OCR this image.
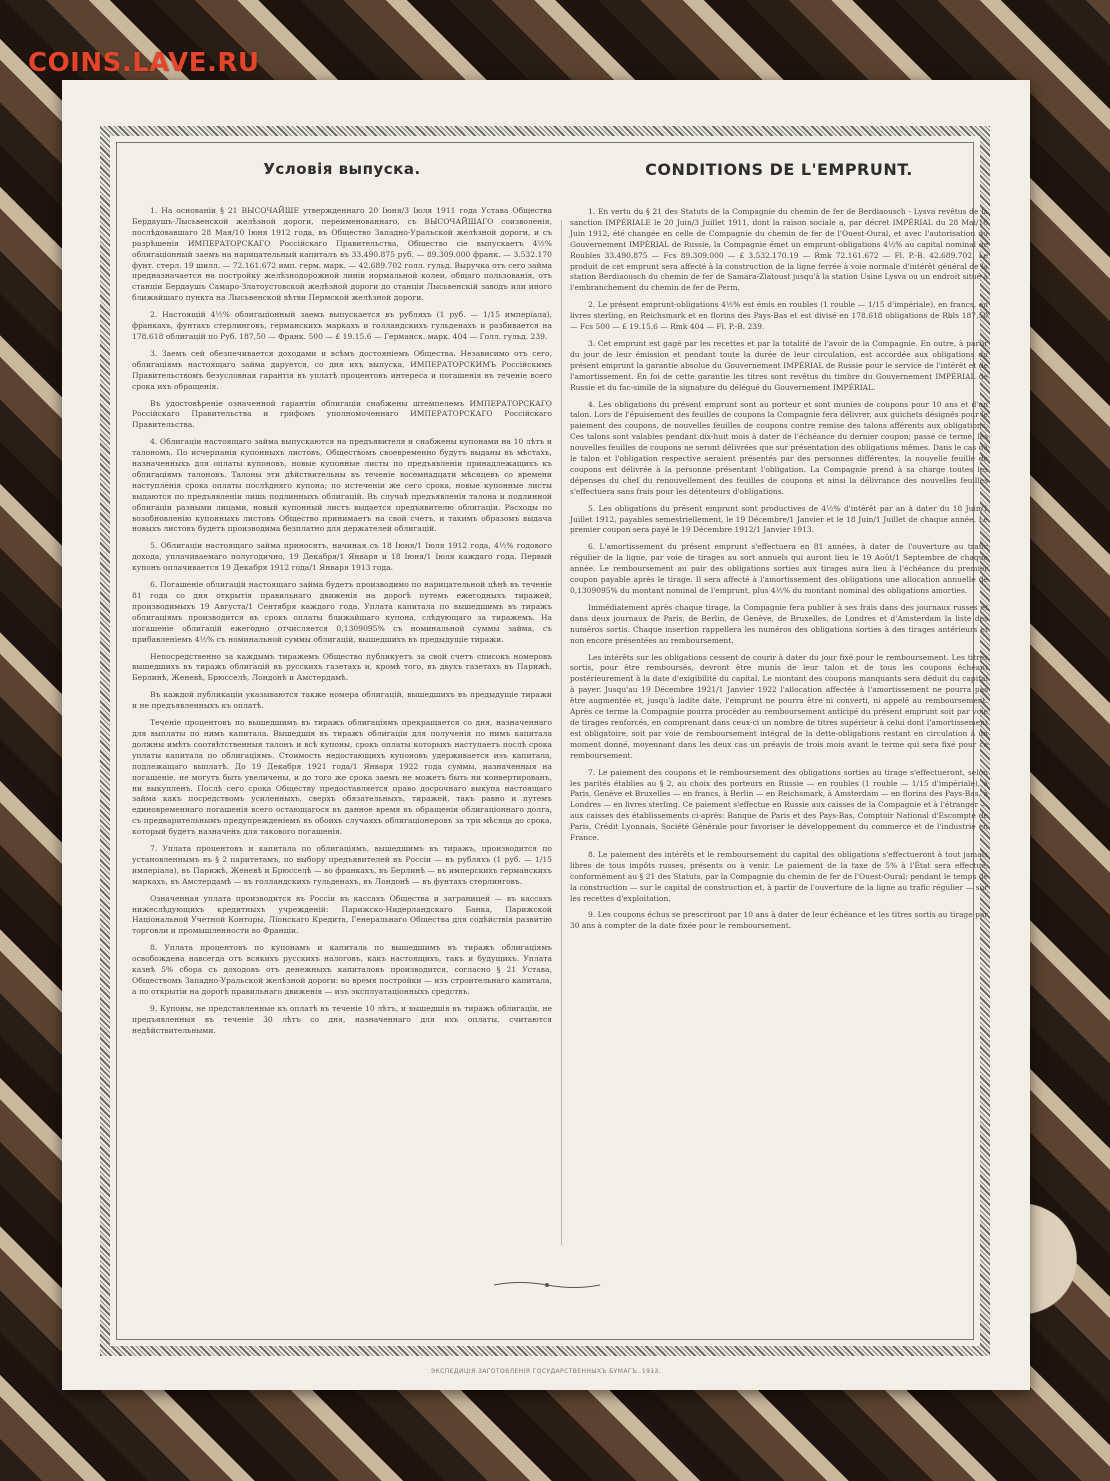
COINS.LAVE.RU
Условія выпуска.

1. На основаніи § 21 ВЫСОЧАЙШЕ утвержденнаго 20 Іюня/3 Іюля 1911 года Устава Общества Бердаушъ-Лысьвенской желѣзной дороги, переименованнаго, съ ВЫСОЧАЙШАГО соизволенія, послѣдовавшаго 28 Мая/10 Іюня 1912 года, въ Общество Западно-Уральской желѣзной дороги, и съ разрѣшенія ИМПЕРАТОРСКАГО Россійскаго Правительства, Общество сіе выпускаетъ 4½% облигаціонный заемъ на нарицательный капиталъ въ 33.490.875 руб. — 89.309.000 франк. — 3.532.170 фунт. стерл. 19 шилл. — 72.161.672 имп. герм. марк. — 42.689.702 голл. гульд. Выручка отъ сего займа предназначается на постройку желѣзнодорожной линіи нормальной колеи, общаго пользованія, отъ станціи Бердаушъ Самаро-Златоустовской желѣзной дороги до станціи Лысьвенскій заводъ или иного ближайшаго пункта на Лысьвенской вѣтви Пермской желѣзной дороги.

2. Настоящій 4½% облигаціонный заемъ выпускается въ рубляхъ (1 руб. — 1/15 имперіала), франкахъ, фунтахъ стерлинговъ, германскихъ маркахъ и голландскихъ гульденахъ и разбивается на 178.618 облигацій по Руб. 187,50 — Франк. 500 — £ 19.15.6 — Германск. марк. 404 — Голл. гульд. 239.

3. Заемъ сей обезпечивается доходами и всѣмъ достояніемъ Общества. Независимо отъ сего, облигаціямъ настоящаго займа даруется, со дня ихъ выпуска, ИМПЕРАТОРСКИМЪ Россійскимъ Правительствомъ безусловная гарантія въ уплатѣ процентовъ интереса и погашенія въ теченіе всего срока ихъ обращенія.

Въ удостовѣреніе означенной гарантіи облигаціи снабжены штемпелемъ ИМПЕРАТОРСКАГО Россійскаго Правительства и грифомъ уполномоченнаго ИМПЕРАТОРСКАГО Россійскаго Правительства.

4. Облигаціи настоящаго займа выпускаются на предъявителя и снабжены купонами на 10 лѣтъ и талономъ. По исчерпаніи купонныхъ листовъ, Обществомъ своевременно будутъ выданы въ мѣстахъ, назначенныхъ для оплаты купоновъ, новые купонные листы по предъявленіи принадлежащихъ къ облигаціямъ талоновъ. Талоны эти дѣйствительны въ теченіе восемнадцати мѣсяцевъ со времени наступленія срока оплаты послѣдняго купона; по истеченіи же сего срока, новые купонные листы выдаются по предъявленіи лишь подлинныхъ облигацій. Въ случаѣ предъявленія талона и подлинной облигаціи разными лицами, новый купонный листъ выдается предъявителю облигаціи. Расходы по возобновленію купонныхъ листовъ Общество принимаетъ на свой счетъ, и такимъ образомъ выдача новыхъ листовъ будетъ производима безплатно для держателей облигацій.

5. Облигаціи настоящаго займа приносятъ, начиная съ 18 Іюня/1 Іюля 1912 года, 4½% годового дохода, уплачиваемаго полугодично, 19 Декабря/1 Января и 18 Іюня/1 Іюля каждаго года. Первый купонъ оплачивается 19 Декабря 1912 года/1 Января 1913 года.

6. Погашеніе облигацій настоящаго займа будетъ производимо по нарицательной цѣнѣ въ теченіе 81 года со дня открытія правильнаго движенія на дорогѣ путемъ ежегодныхъ тиражей, производимыхъ 19 Августа/1 Сентября каждаго года. Уплата капитала по вышедшимъ въ тиражъ облигаціямъ производится въ срокъ оплаты ближайшаго купона, слѣдующаго за тиражемъ. На погашеніе облигацій ежегодно отчисляется 0,1309095% съ номинальной суммы займа, съ прибавленіемъ 4½% съ номинальной суммы облигацій, вышедшихъ въ предыдущіе тиражи.

Непосредственно за каждымъ тиражемъ Общество публикуетъ за свой счетъ списокъ номеровъ вышедшихъ въ тиражъ облигацій въ русскихъ газетахъ и, кромѣ того, въ двухъ газетахъ въ Парижѣ, Берлинѣ, Женевѣ, Брюсселѣ, Лондонѣ и Амстердамѣ.

Въ каждой публикаціи указываются также номера облигацій, вышедшихъ въ предыдущіе тиражи и не предъявленныхъ къ оплатѣ.

Теченіе процентовъ по вышедшимъ въ тиражъ облигаціямъ прекращается со дня, назначеннаго для выплаты по нимъ капитала. Вышедшія въ тиражъ облигаціи для полученія по нимъ капитала должны имѣть соотвѣтственныя талонъ и всѣ купоны, срокъ оплаты которыхъ наступаетъ послѣ срока уплаты капитала по облигаціямъ. Стоимость недостающихъ купоновъ удерживается изъ капитала, подлежащаго выплатѣ. До 19 Декабря 1921 года/1 Января 1922 года суммы, назначенныя на погашеніе, не могутъ быть увеличены, и до того же срока заемъ не можетъ быть ни конвертированъ, ни выкупленъ. Послѣ сего срока Обществу предоставляется право досрочнаго выкупа настоящаго займа какъ посредствомъ усиленныхъ, сверхъ обязательныхъ, тиражей, такъ равно и путемъ единовременнаго погашенія всего остающагося въ данное время въ обращеніи облигаціоннаго долга, съ предварительнымъ предупрежденіемъ въ обоихъ случаяхъ облигаціонеровъ за три мѣсяца до срока, который будетъ назначенъ для такового погашенія.

7. Уплата процентовъ и капитала по облигаціямъ, вышедшимъ въ тиражъ, производится по установленнымъ въ § 2 паритетамъ, по выбору предъявителей въ Россіи — въ рубляхъ (1 руб. — 1/15 имперіала), въ Парижѣ, Женевѣ и Брюсселѣ — во франкахъ, въ Берлинѣ — въ имперскихъ германскихъ маркахъ, въ Амстердамѣ — въ голландскихъ гульденахъ, въ Лондонѣ — въ фунтахъ стерлинговъ.

Означенная уплата производится въ Россіи въ кассахъ Общества и заграницей — въ кассахъ нижеслѣдующихъ кредитныхъ учрежденій: Парижско-Нидерландскаго Банка, Парижской Національной Учетной Конторы, Ліонскаго Кредита, Генеральнаго Общества для содѣйствія развитію торговли и промышленности во Франціи.

8. Уплата процентовъ по купонамъ и капитала по вышедшимъ въ тиражъ облигаціямъ освобождена навсегда отъ всякихъ русскихъ налоговъ, какъ настоящихъ, такъ и будущихъ. Уплата казнѣ 5% сбора съ доходовъ отъ денежныхъ капиталовъ производится, согласно § 21 Устава, Обществомъ Западно-Уральской желѣзной дороги: во время постройки — изъ строительнаго капитала, а по открытіи на дорогѣ правильнаго движенія — изъ эксплуатаціонныхъ средствъ.

9. Купоны, не представленные къ оплатѣ въ теченіе 10 лѣтъ, и вышедшія въ тиражъ облигаціи, не предъявленныя въ теченіе 30 лѣтъ со дня, назначеннаго для ихъ оплаты, считаются недѣйствительными.

CONDITIONS DE L'EMPRUNT.

1. En vertu du § 21 des Statuts de la Compagnie du chemin de fer de Berdiaousch - Lysva revêtus de la sanction IMPÉRIALE le 20 Juin/3 Juillet 1911, dont la raison sociale a, par décret IMPÉRIAL du 28 Mai/10 Juin 1912, été changée en celle de Compagnie du chemin de fer de l'Ouest-Oural, et avec l'autorisation du Gouvernement IMPÉRIAL de Russie, la Compagnie émet un emprunt-obligations 4½% au capital nominal de Roubles 33.490.875 — Fcs 89.309.000 — £ 3.532.170.19 — Rmk 72.161.672 — Fl. P.-B. 42.689.702. Le produit de cet emprunt sera affecté à la construction de la ligne ferrée à voie normale d'intérêt général de la station Berdiaousch du chemin de fer de Samara-Zlatoust jusqu'à la station Usine Lysva ou un endroit situé à l'embranchement du chemin de fer de Perm.

2. Le présent emprunt-obligations 4½% est émis en roubles (1 rouble — 1/15 d'impériale), en francs, en livres sterling, en Reichsmark et en florins des Pays-Bas et est divisé en 178.618 obligations de Rbls 187,50 — Fcs 500 — £ 19.15.6 — Rmk 404 — Fl. P.-B. 239.

3. Cet emprunt est gagé par les recettes et par la totalité de l'avoir de la Compagnie. En outre, à partir du jour de leur émission et pendant toute la durée de leur circulation, est accordée aux obligations du présent emprunt la garantie absolue du Gouvernement IMPÉRIAL de Russie pour le service de l'intérêt et de l'amortissement. En foi de cette garantie les titres sont revêtus du timbre du Gouvernement IMPÉRIAL de Russie et du fac-simile de la signature du délégué du Gouvernement IMPÉRIAL.

4. Les obligations du présent emprunt sont au porteur et sont munies de coupons pour 10 ans et d'un talon. Lors de l'épuisement des feuilles de coupons la Compagnie fera délivrer, aux guichets désignés pour le paiement des coupons, de nouvelles feuilles de coupons contre remise des talons afférents aux obligations. Ces talons sont valables pendant dix-huit mois à dater de l'échéance du dernier coupon; passé ce terme, les nouvelles feuilles de coupons ne seront délivrées que sur présentation des obligations mêmes. Dans le cas où le talon et l'obligation respective seraient présentés par des personnes différentes, la nouvelle feuille de coupons est délivrée à la personne présentant l'obligation. La Compagnie prend à sa charge toutes les dépenses du chef du renouvellement des feuilles de coupons et ainsi la délivrance des nouvelles feuilles s'effectuera sans frais pour les détenteurs d'obligations.

5. Les obligations du présent emprunt sont productives de 4½% d'intérêt par an à dater du 18 Juin/1 Juillet 1912, payables semestriellement, le 19 Décembre/1 Janvier et le 18 Juin/1 Juillet de chaque année. Le premier coupon sera payé le 19 Décembre 1912/1 Janvier 1913.

6. L'amortissement du présent emprunt s'effectuera en 81 années, à dater de l'ouverture au trafic régulier de la ligne, par voie de tirages au sort annuels qui auront lieu le 19 Août/1 Septembre de chaque année. Le remboursement au pair des obligations sorties aux tirages aura lieu à l'échéance du premier coupon payable après le tirage. Il sera affecté à l'amortissement des obligations une allocation annuelle de 0,1309095% du montant nominal de l'emprunt, plus 4½% du montant nominal des obligations amorties.

Immédiatement après chaque tirage, la Compagnie fera publier à ses frais dans des journaux russes et dans deux journaux de Paris, de Berlin, de Genève, de Bruxelles, de Londres et d'Amsterdam la liste des numéros sortis. Chaque insertion rappellera les numéros des obligations sorties à des tirages antérieurs et non encore présentées au remboursement.

Les intérêts sur les obligations cessent de courir à dater du jour fixé pour le remboursement. Les titres sortis, pour être remboursés, devront être munis de leur talon et de tous les coupons échéant postérieurement à la date d'exigibilité du capital. Le montant des coupons manquants sera déduit du capital à payer. Jusqu'au 19 Décembre 1921/1 Janvier 1922 l'allocation affectée à l'amortissement ne pourra pas être augmentée et, jusqu'à ladite date, l'emprunt ne pourra être ni converti, ni appelé au remboursement. Après ce terme la Compagnie pourra procéder au remboursement anticipé du présent emprunt soit par voie de tirages renforcés, en comprenant dans ceux-ci un nombre de titres supérieur à celui dont l'amortissement est obligatoire, soit par voie de remboursement intégral de la dette-obligations restant en circulation à un moment donné, moyennant dans les deux cas un préavis de trois mois avant le terme qui sera fixé pour ce remboursement.

7. Le paiement des coupons et le remboursement des obligations sorties au tirage s'effectueront, selon les parités établies au § 2, au choix des porteurs en Russie — en roubles (1 rouble — 1/15 d'impériale), à Paris, Genève et Bruxelles — en francs, à Berlin — en Reichsmark, à Amsterdam — en florins des Pays-Bas, à Londres — en livres sterling. Ce paiement s'effectue en Russie aux caisses de la Compagnie et à l'étranger — aux caisses des établissements ci-après: Banque de Paris et des Pays-Bas, Comptoir National d'Escompte de Paris, Crédit Lyonnais, Société Générale pour favoriser le développement du commerce et de l'industrie en France.

8. Le paiement des intérêts et le remboursement du capital des obligations s'effectueront à tout jamais libres de tous impôts russes, présents ou à venir. Le paiement de la taxe de 5% à l'État sera effectué, conformément au § 21 des Statuts, par la Compagnie du chemin de fer de l'Ouest-Oural: pendant le temps de la construction — sur le capital de construction et, à partir de l'ouverture de la ligne au trafic régulier — sur les recettes d'exploitation.

9. Les coupons échus se prescriront par 10 ans à dater de leur échéance et les titres sortis au tirage par 30 ans à compter de la date fixée pour le remboursement.

ЭКСПЕДИЦІЯ ЗАГОТОВЛЕНІЯ ГОСУДАРСТВЕННЫХЪ БУМАГЪ. 1913.
